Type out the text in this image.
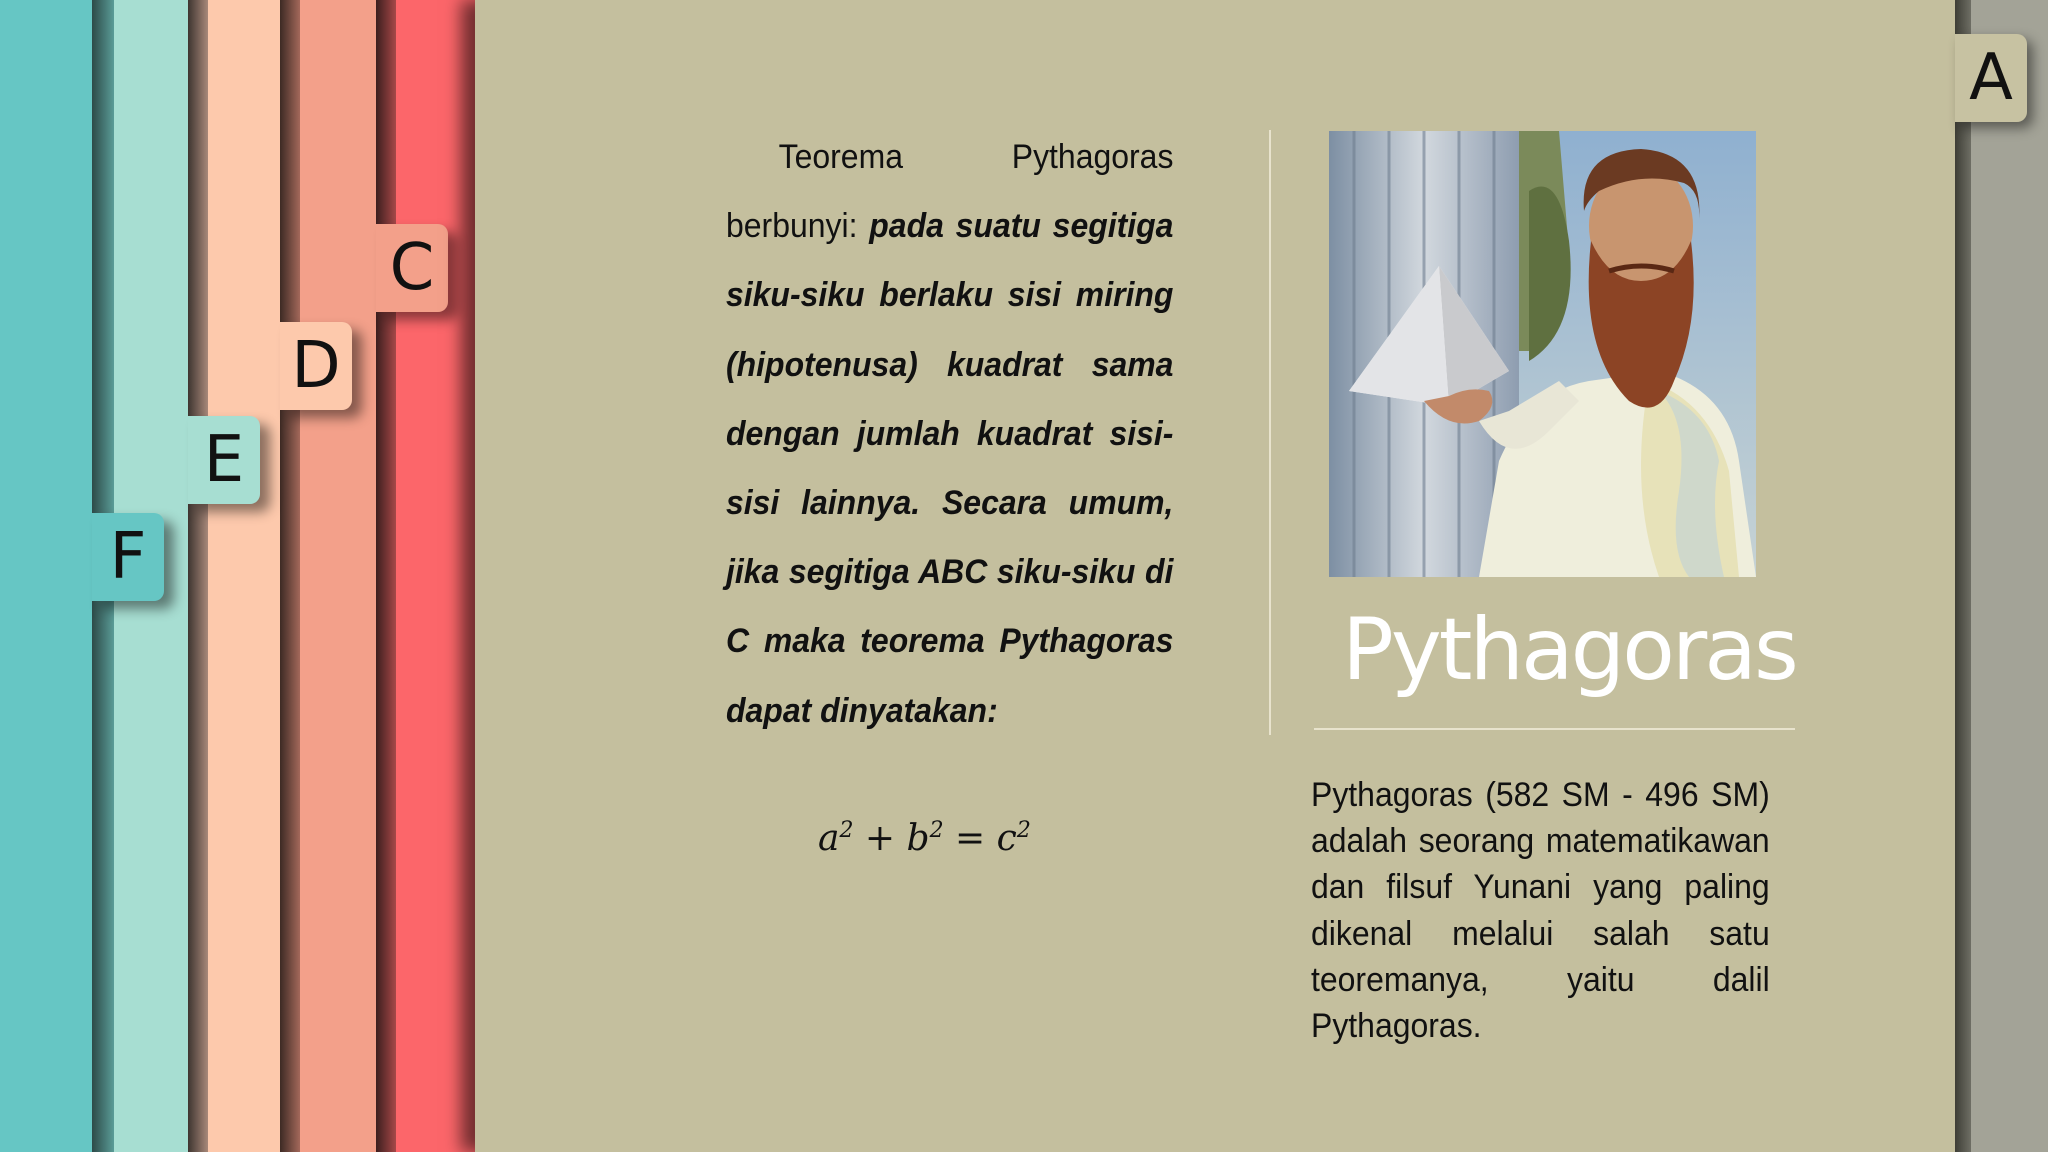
F
E
D
C
A
Teorema	Pythagoras
berbunyi: pada suatu segitiga siku-siku berlaku sisi miring (hipotenusa) kuadrat sama dengan jumlah kuadrat sisi-sisi lainnya. Secara umum, jika segitiga ABC siku-siku di C maka teorema Pythagoras dapat dinyatakan:
$a^2 + b^2 = c^2$
Pythagoras
Pythagoras (582 SM - 496 SM) adalah seorang matematikawan dan filsuf Yunani yang paling dikenal melalui salah satu teoremanya, yaitu dalil Pythagoras.
